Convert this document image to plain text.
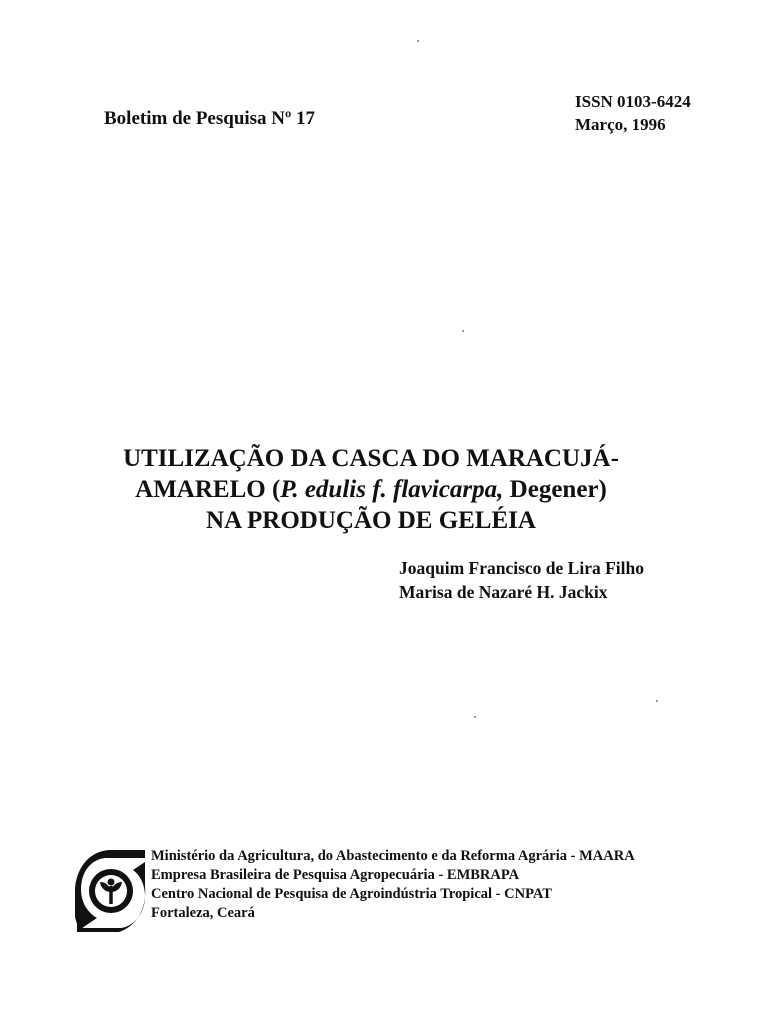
Boletim de Pesquisa Nº 17
ISSN 0103-6424
Março, 1996
UTILIZAÇÃO DA CASCA DO MARACUJÁ-
AMARELO (P. edulis f. flavicarpa, Degener)
NA PRODUÇÃO DE GELÉIA
Joaquim Francisco de Lira Filho
Marisa de Nazaré H. Jackix
Ministério da Agricultura, do Abastecimento e da Reforma Agrária - MAARA
Empresa Brasileira de Pesquisa Agropecuária - EMBRAPA
Centro Nacional de Pesquisa de Agroindústria Tropical - CNPAT
Fortaleza, Ceará
